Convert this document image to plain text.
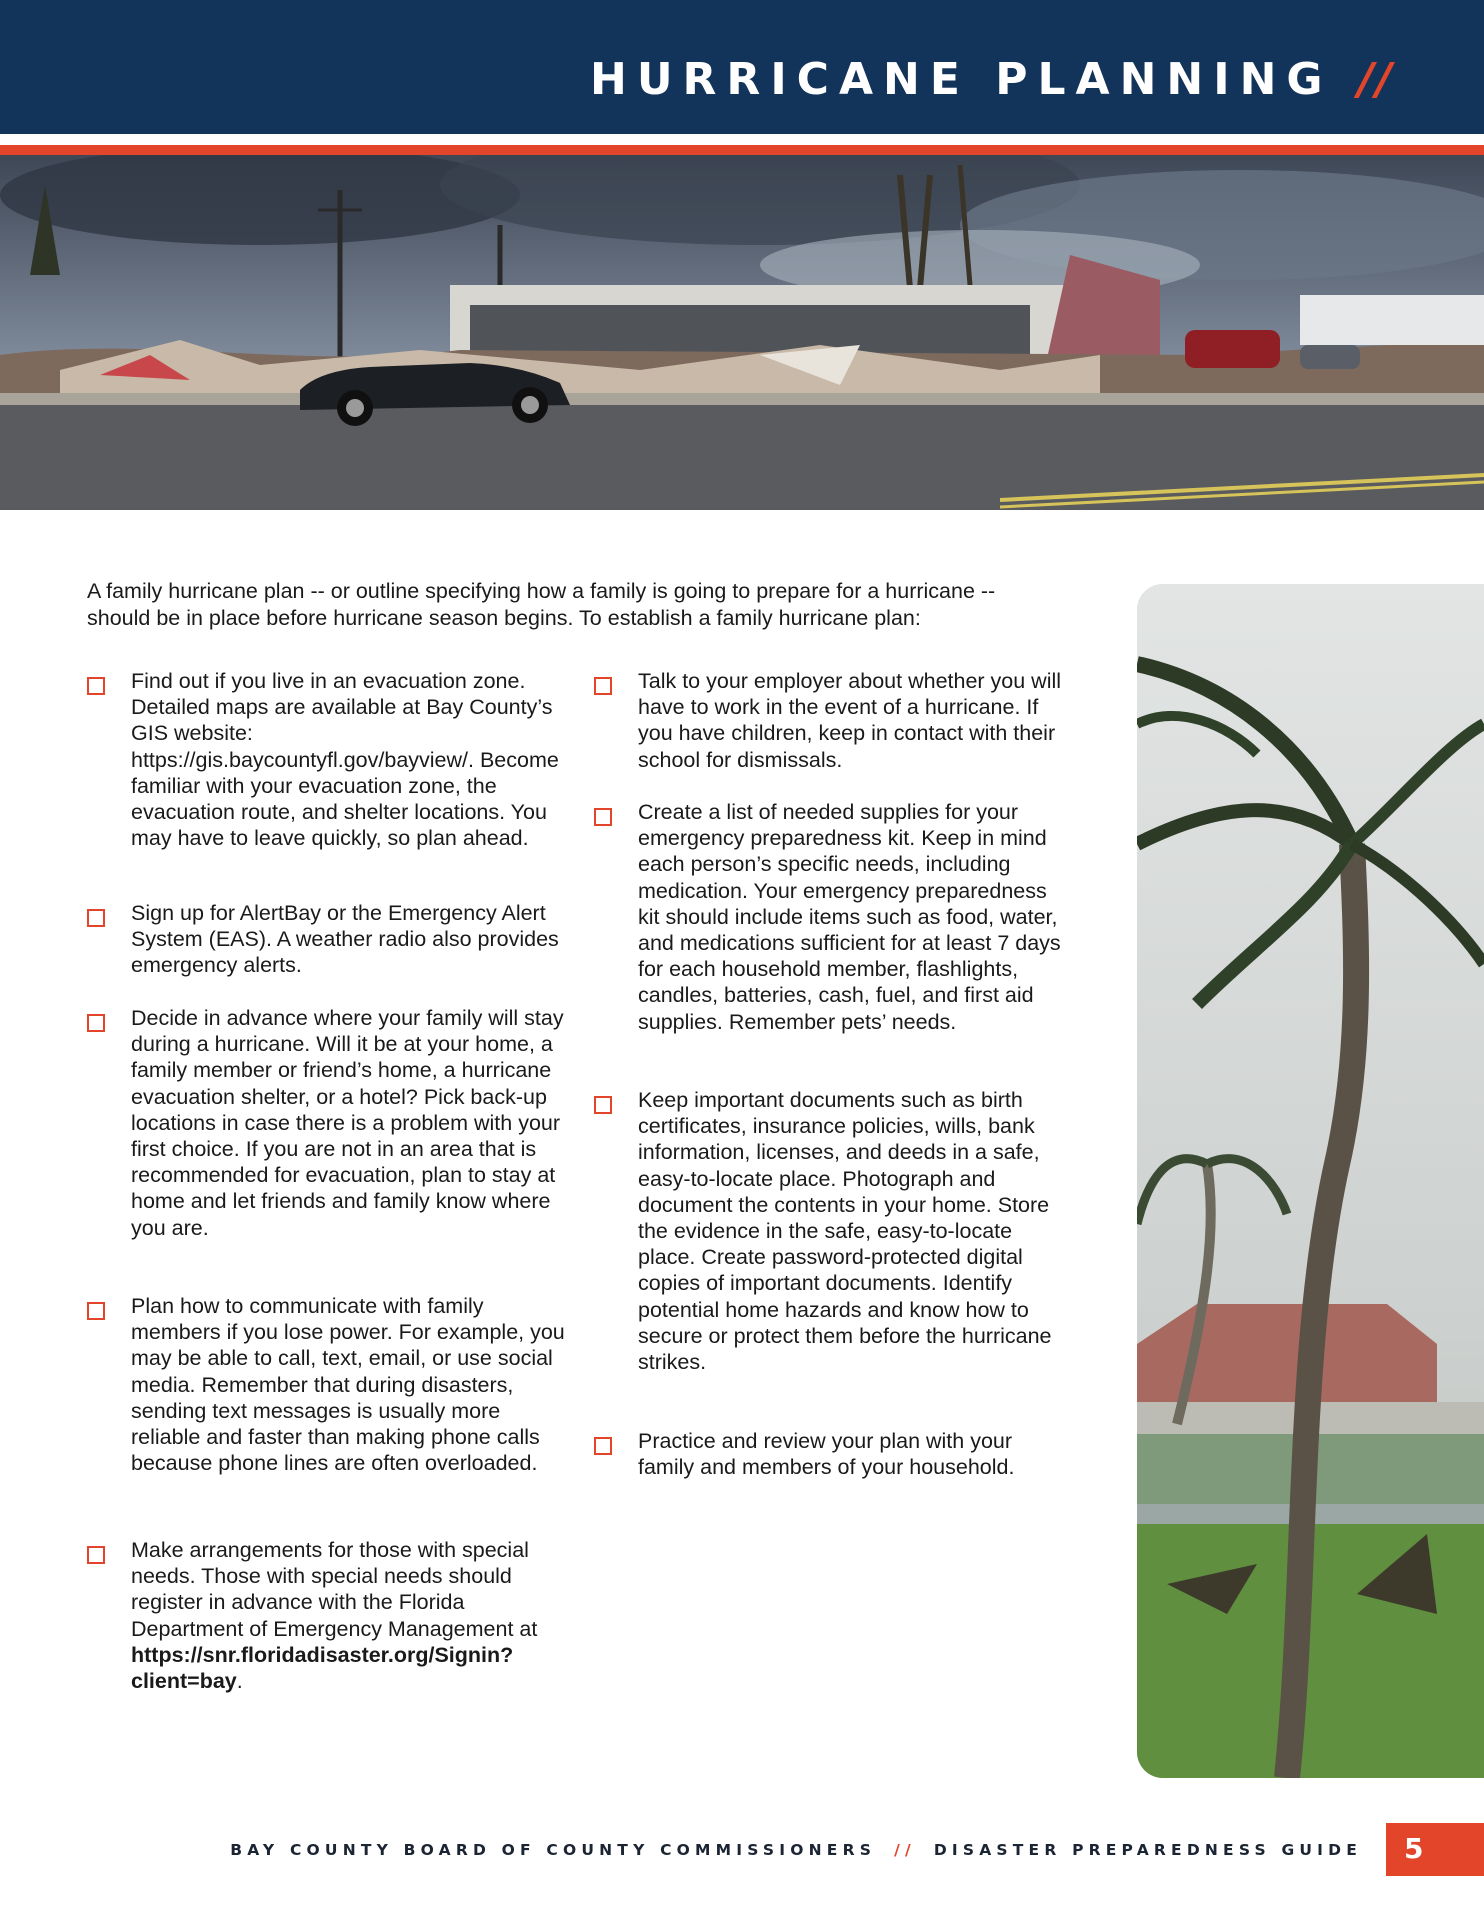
HURRICANE PLANNING //

A family hurricane plan -- or outline specifying how a family is going to prepare for a hurricane -- should be in place before hurricane season begins. To establish a family hurricane plan:

Find out if you live in an evacuation zone. Detailed maps are available at Bay County’s GIS website: https://gis.baycountyfl.gov/bayview/. Become familiar with your evacuation zone, the evacuation route, and shelter locations. You may have to leave quickly, so plan ahead.
Sign up for AlertBay or the Emergency Alert System (EAS). A weather radio also provides emergency alerts.
Decide in advance where your family will stay during a hurricane. Will it be at your home, a family member or friend’s home, a hurricane evacuation shelter, or a hotel? Pick back-up locations in case there is a problem with your first choice. If you are not in an area that is recommended for evacuation, plan to stay at home and let friends and family know where you are.
Plan how to communicate with family members if you lose power. For example, you may be able to call, text, email, or use social media. Remember that during disasters, sending text messages is usually more reliable and faster than making phone calls because phone lines are often overloaded.
Make arrangements for those with special needs. Those with special needs should register in advance with the Florida Department of Emergency Management at https://snr.floridadisaster.org/Signin?client=bay.
Talk to your employer about whether you will have to work in the event of a hurricane. If you have children, keep in contact with their school for dismissals.
Create a list of needed supplies for your emergency preparedness kit. Keep in mind each person’s specific needs, including medication. Your emergency preparedness kit should include items such as food, water, and medications sufficient for at least 7 days for each household member, flashlights, candles, batteries, cash, fuel, and first aid supplies. Remember pets’ needs.
Keep important documents such as birth certificates, insurance policies, wills, bank information, licenses, and deeds in a safe, easy-to-locate place. Photograph and document the contents in your home. Store the evidence in the safe, easy-to-locate place. Create password-protected digital copies of important documents. Identify potential home hazards and know how to secure or protect them before the hurricane strikes.
Practice and review your plan with your family and members of your household.
BAY COUNTY BOARD OF COUNTY COMMISSIONERS // DISASTER PREPAREDNESS GUIDE 5
